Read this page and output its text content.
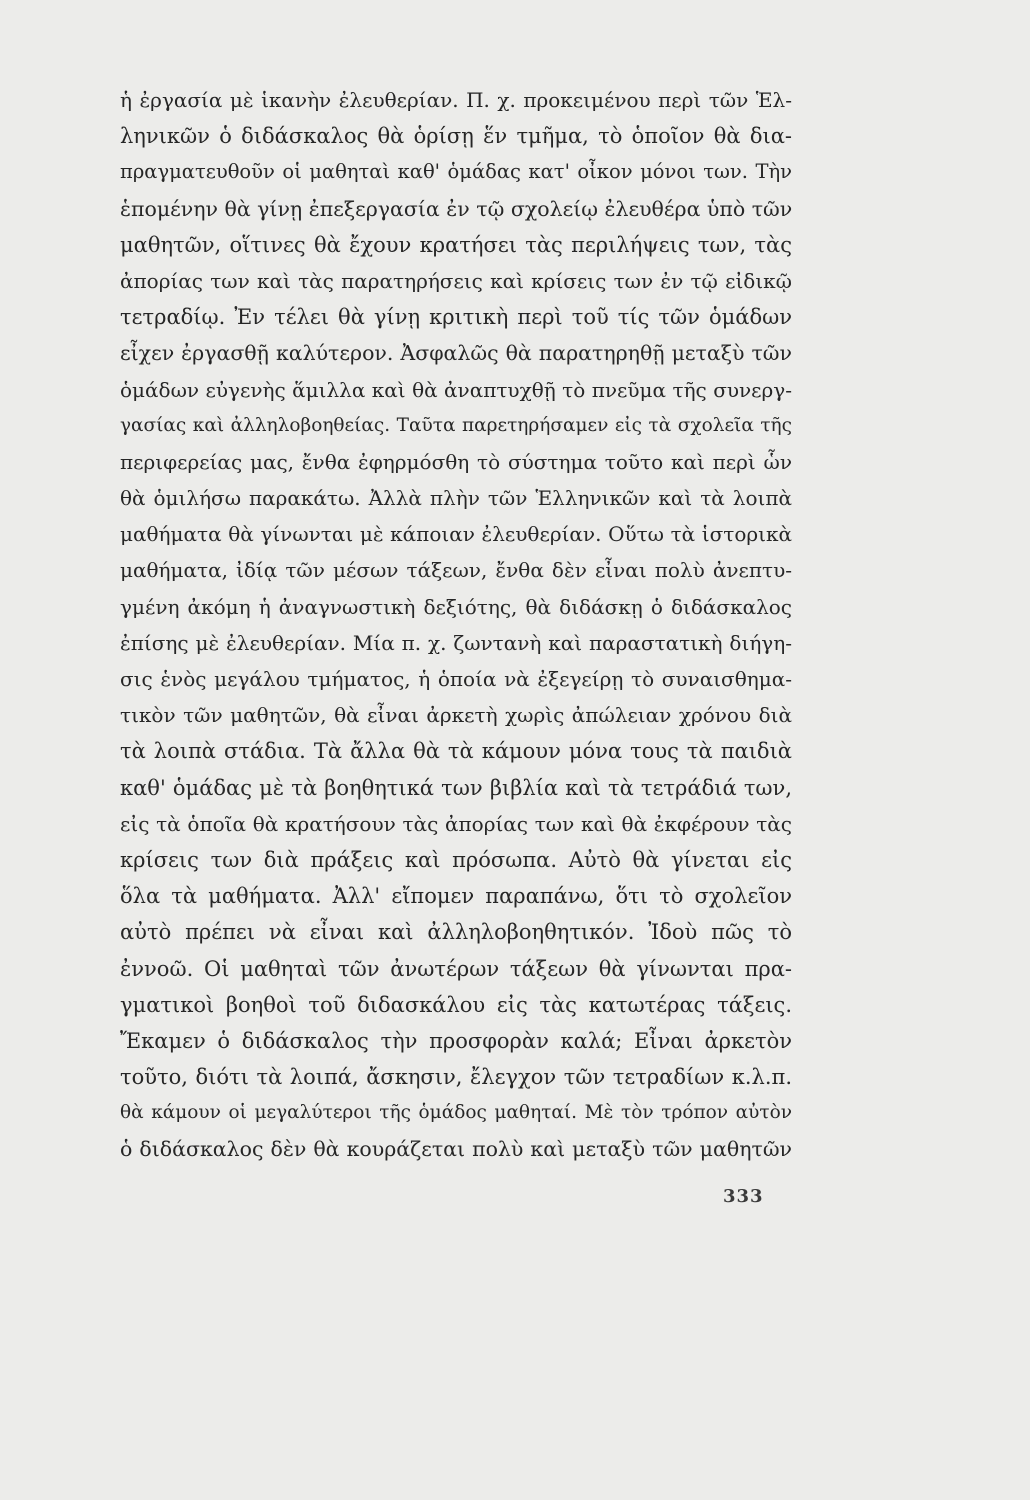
ἡ ἐργασία μὲ ἱκανὴν ἐλευθερίαν. Π. χ. προκειμένου περὶ τῶν Ἑλ-
ληνικῶν ὁ διδάσκαλος θὰ ὁρίσῃ ἕν τμῆμα, τὸ ὁποῖον θὰ δια-
πραγματευθοῦν οἱ μαθηταὶ καθ' ὁμάδας κατ' οἶκον μόνοι των. Τὴν
ἑπομένην θὰ γίνῃ ἐπεξεργασία ἐν τῷ σχολείῳ ἐλευθέρα ὑπὸ τῶν
μαθητῶν, οἵτινες θὰ ἔχουν κρατήσει τὰς περιλήψεις των, τὰς
ἀπορίας των καὶ τὰς παρατηρήσεις καὶ κρίσεις των ἐν τῷ εἰδικῷ
τετραδίῳ. Ἐν τέλει θὰ γίνῃ κριτικὴ περὶ τοῦ τίς τῶν ὁμάδων
εἶχεν ἐργασθῇ καλύτερον. Ἀσφαλῶς θὰ παρατηρηθῇ μεταξὺ τῶν
ὁμάδων εὐγενὴς ἅμιλλα καὶ θὰ ἀναπτυχθῇ τὸ πνεῦμα τῆς συνεργ-
γασίας καὶ ἀλληλοβοηθείας. Ταῦτα παρετηρήσαμεν εἰς τὰ σχολεῖα τῆς
περιφερείας μας, ἔνθα ἐφηρμόσθη τὸ σύστημα τοῦτο καὶ περὶ ὧν
θὰ ὁμιλήσω παρακάτω. Ἀλλὰ πλὴν τῶν Ἑλληνικῶν καὶ τὰ λοιπὰ
μαθήματα θὰ γίνωνται μὲ κάποιαν ἐλευθερίαν. Οὕτω τὰ ἱστορικὰ
μαθήματα, ἰδίᾳ τῶν μέσων τάξεων, ἔνθα δὲν εἶναι πολὺ ἀνεπτυ-
γμένη ἀκόμη ἡ ἀναγνωστικὴ δεξιότης, θὰ διδάσκῃ ὁ διδάσκαλος
ἐπίσης μὲ ἐλευθερίαν. Μία π. χ. ζωντανὴ καὶ παραστατικὴ διήγη-
σις ἑνὸς μεγάλου τμήματος, ἡ ὁποία νὰ ἐξεγείρῃ τὸ συναισθημα-
τικὸν τῶν μαθητῶν, θὰ εἶναι ἀρκετὴ χωρὶς ἀπώλειαν χρόνου διὰ
τὰ λοιπὰ στάδια. Τὰ ἄλλα θὰ τὰ κάμουν μόνα τους τὰ παιδιὰ
καθ' ὁμάδας μὲ τὰ βοηθητικά των βιβλία καὶ τὰ τετράδιά των,
εἰς τὰ ὁποῖα θὰ κρατήσουν τὰς ἀπορίας των καὶ θὰ ἐκφέρουν τὰς
κρίσεις των διὰ πράξεις καὶ πρόσωπα. Αὐτὸ θὰ γίνεται εἰς
ὅλα τὰ μαθήματα. Ἀλλ' εἴπομεν παραπάνω, ὅτι τὸ σχολεῖον
αὐτὸ πρέπει νὰ εἶναι καὶ ἀλληλοβοηθητικόν. Ἰδοὺ πῶς τὸ
ἐννοῶ. Οἱ μαθηταὶ τῶν ἀνωτέρων τάξεων θὰ γίνωνται πρα-
γματικοὶ βοηθοὶ τοῦ διδασκάλου εἰς τὰς κατωτέρας τάξεις.
Ἔκαμεν ὁ διδάσκαλος τὴν προσφορὰν καλά; Εἶναι ἀρκετὸν
τοῦτο, διότι τὰ λοιπά, ἄσκησιν, ἔλεγχον τῶν τετραδίων κ.λ.π.
θὰ κάμουν οἱ μεγαλύτεροι τῆς ὁμάδος μαθηταί. Μὲ τὸν τρόπον αὐτὸν
ὁ διδάσκαλος δὲν θὰ κουράζεται πολὺ καὶ μεταξὺ τῶν μαθητῶν
333
